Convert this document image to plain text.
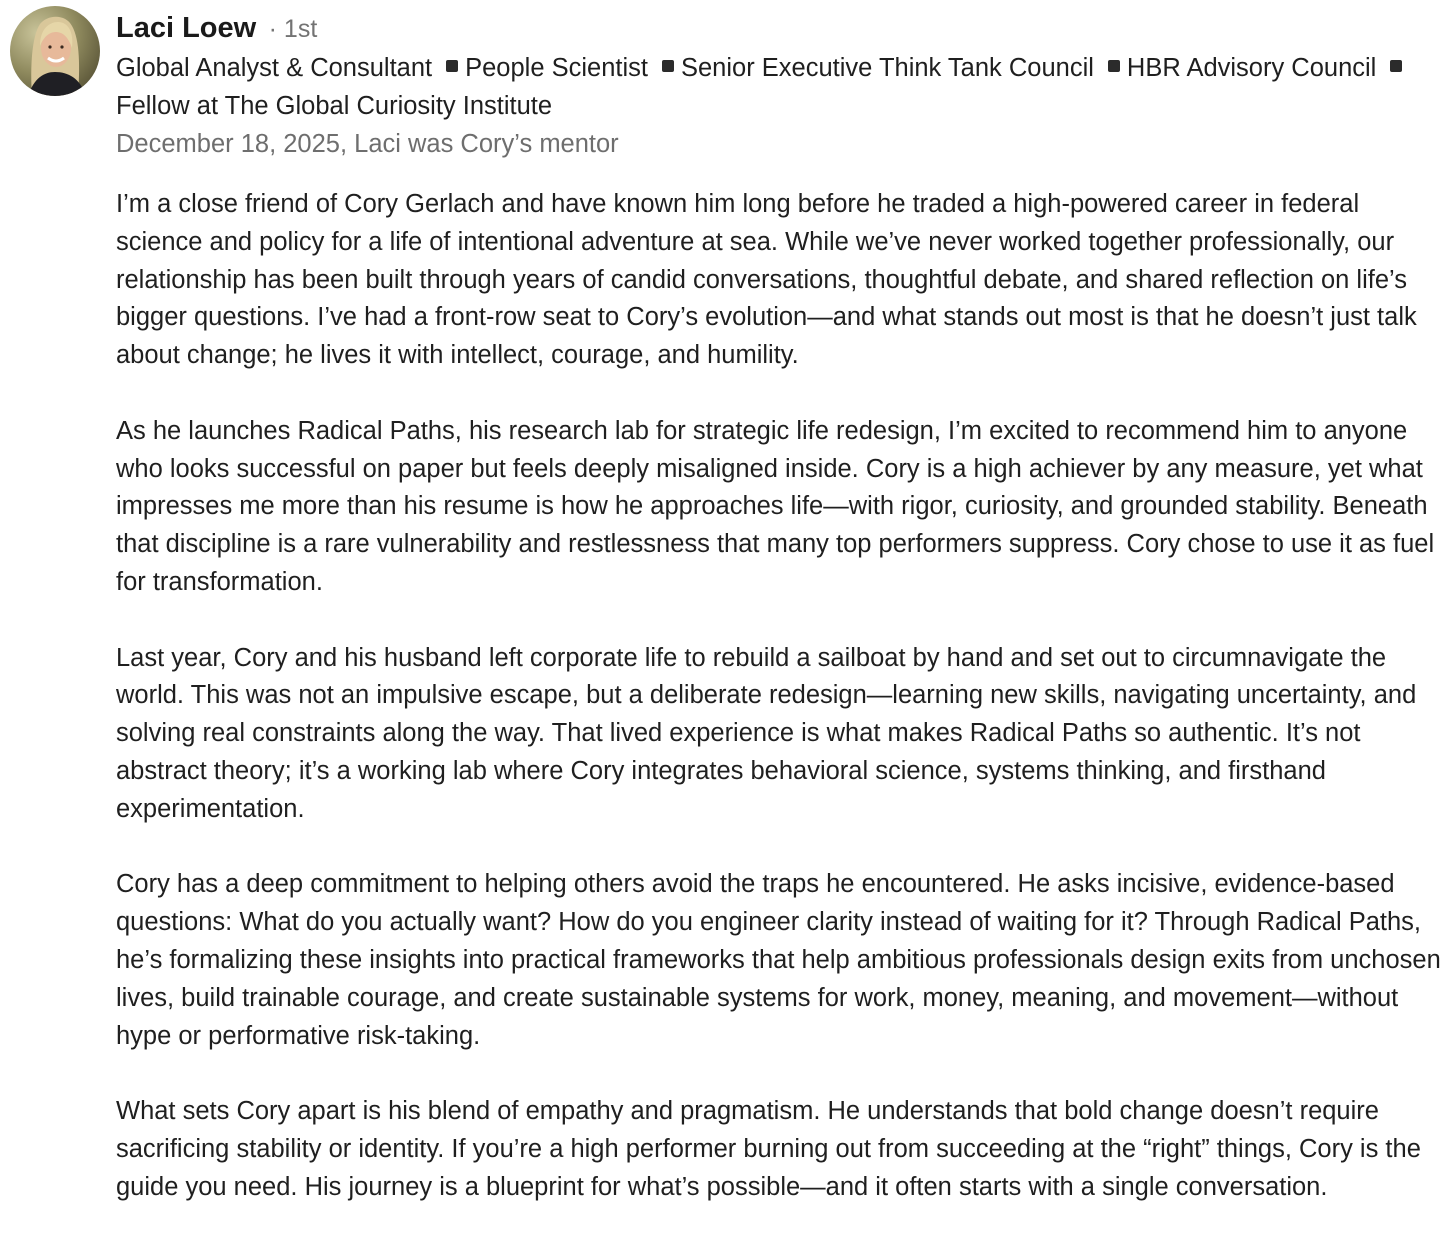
Laci Loew · 1st
Global Analyst & Consultant People Scientist Senior Executive Think Tank Council HBR Advisory CouncilFellow at The Global Curiosity Institute
December 18, 2025, Laci was Cory’s mentor

I’m a close friend of Cory Gerlach and have known him long before he traded a high-powered career in federal science and policy for a life of intentional adventure at sea. While we’ve never worked together professionally, our relationship has been built through years of candid conversations, thoughtful debate, and shared reflection on life’s bigger questions. I’ve had a front-row seat to Cory’s evolution—and what stands out most is that he doesn’t just talk about change; he lives it with intellect, courage, and humility.

As he launches Radical Paths, his research lab for strategic life redesign, I’m excited to recommend him to anyone who looks successful on paper but feels deeply misaligned inside. Cory is a high achiever by any measure, yet what impresses me more than his resume is how he approaches life—with rigor, curiosity, and grounded stability. Beneath that discipline is a rare vulnerability and restlessness that many top performers suppress. Cory chose to use it as fuel for transformation.

Last year, Cory and his husband left corporate life to rebuild a sailboat by hand and set out to circumnavigate the world. This was not an impulsive escape, but a deliberate redesign—learning new skills, navigating uncertainty, and solving real constraints along the way. That lived experience is what makes Radical Paths so authentic. It’s not abstract theory; it’s a working lab where Cory integrates behavioral science, systems thinking, and firsthand experimentation.

Cory has a deep commitment to helping others avoid the traps he encountered. He asks incisive, evidence-based questions: What do you actually want? How do you engineer clarity instead of waiting for it? Through Radical Paths, he’s formalizing these insights into practical frameworks that help ambitious professionals design exits from unchosen lives, build trainable courage, and create sustainable systems for work, money, meaning, and movement—without hype or performative risk-taking.

What sets Cory apart is his blend of empathy and pragmatism. He understands that bold change doesn’t require sacrificing stability or identity. If you’re a high performer burning out from succeeding at the “right” things, Cory is the guide you need. His journey is a blueprint for what’s possible—and it often starts with a single conversation.
